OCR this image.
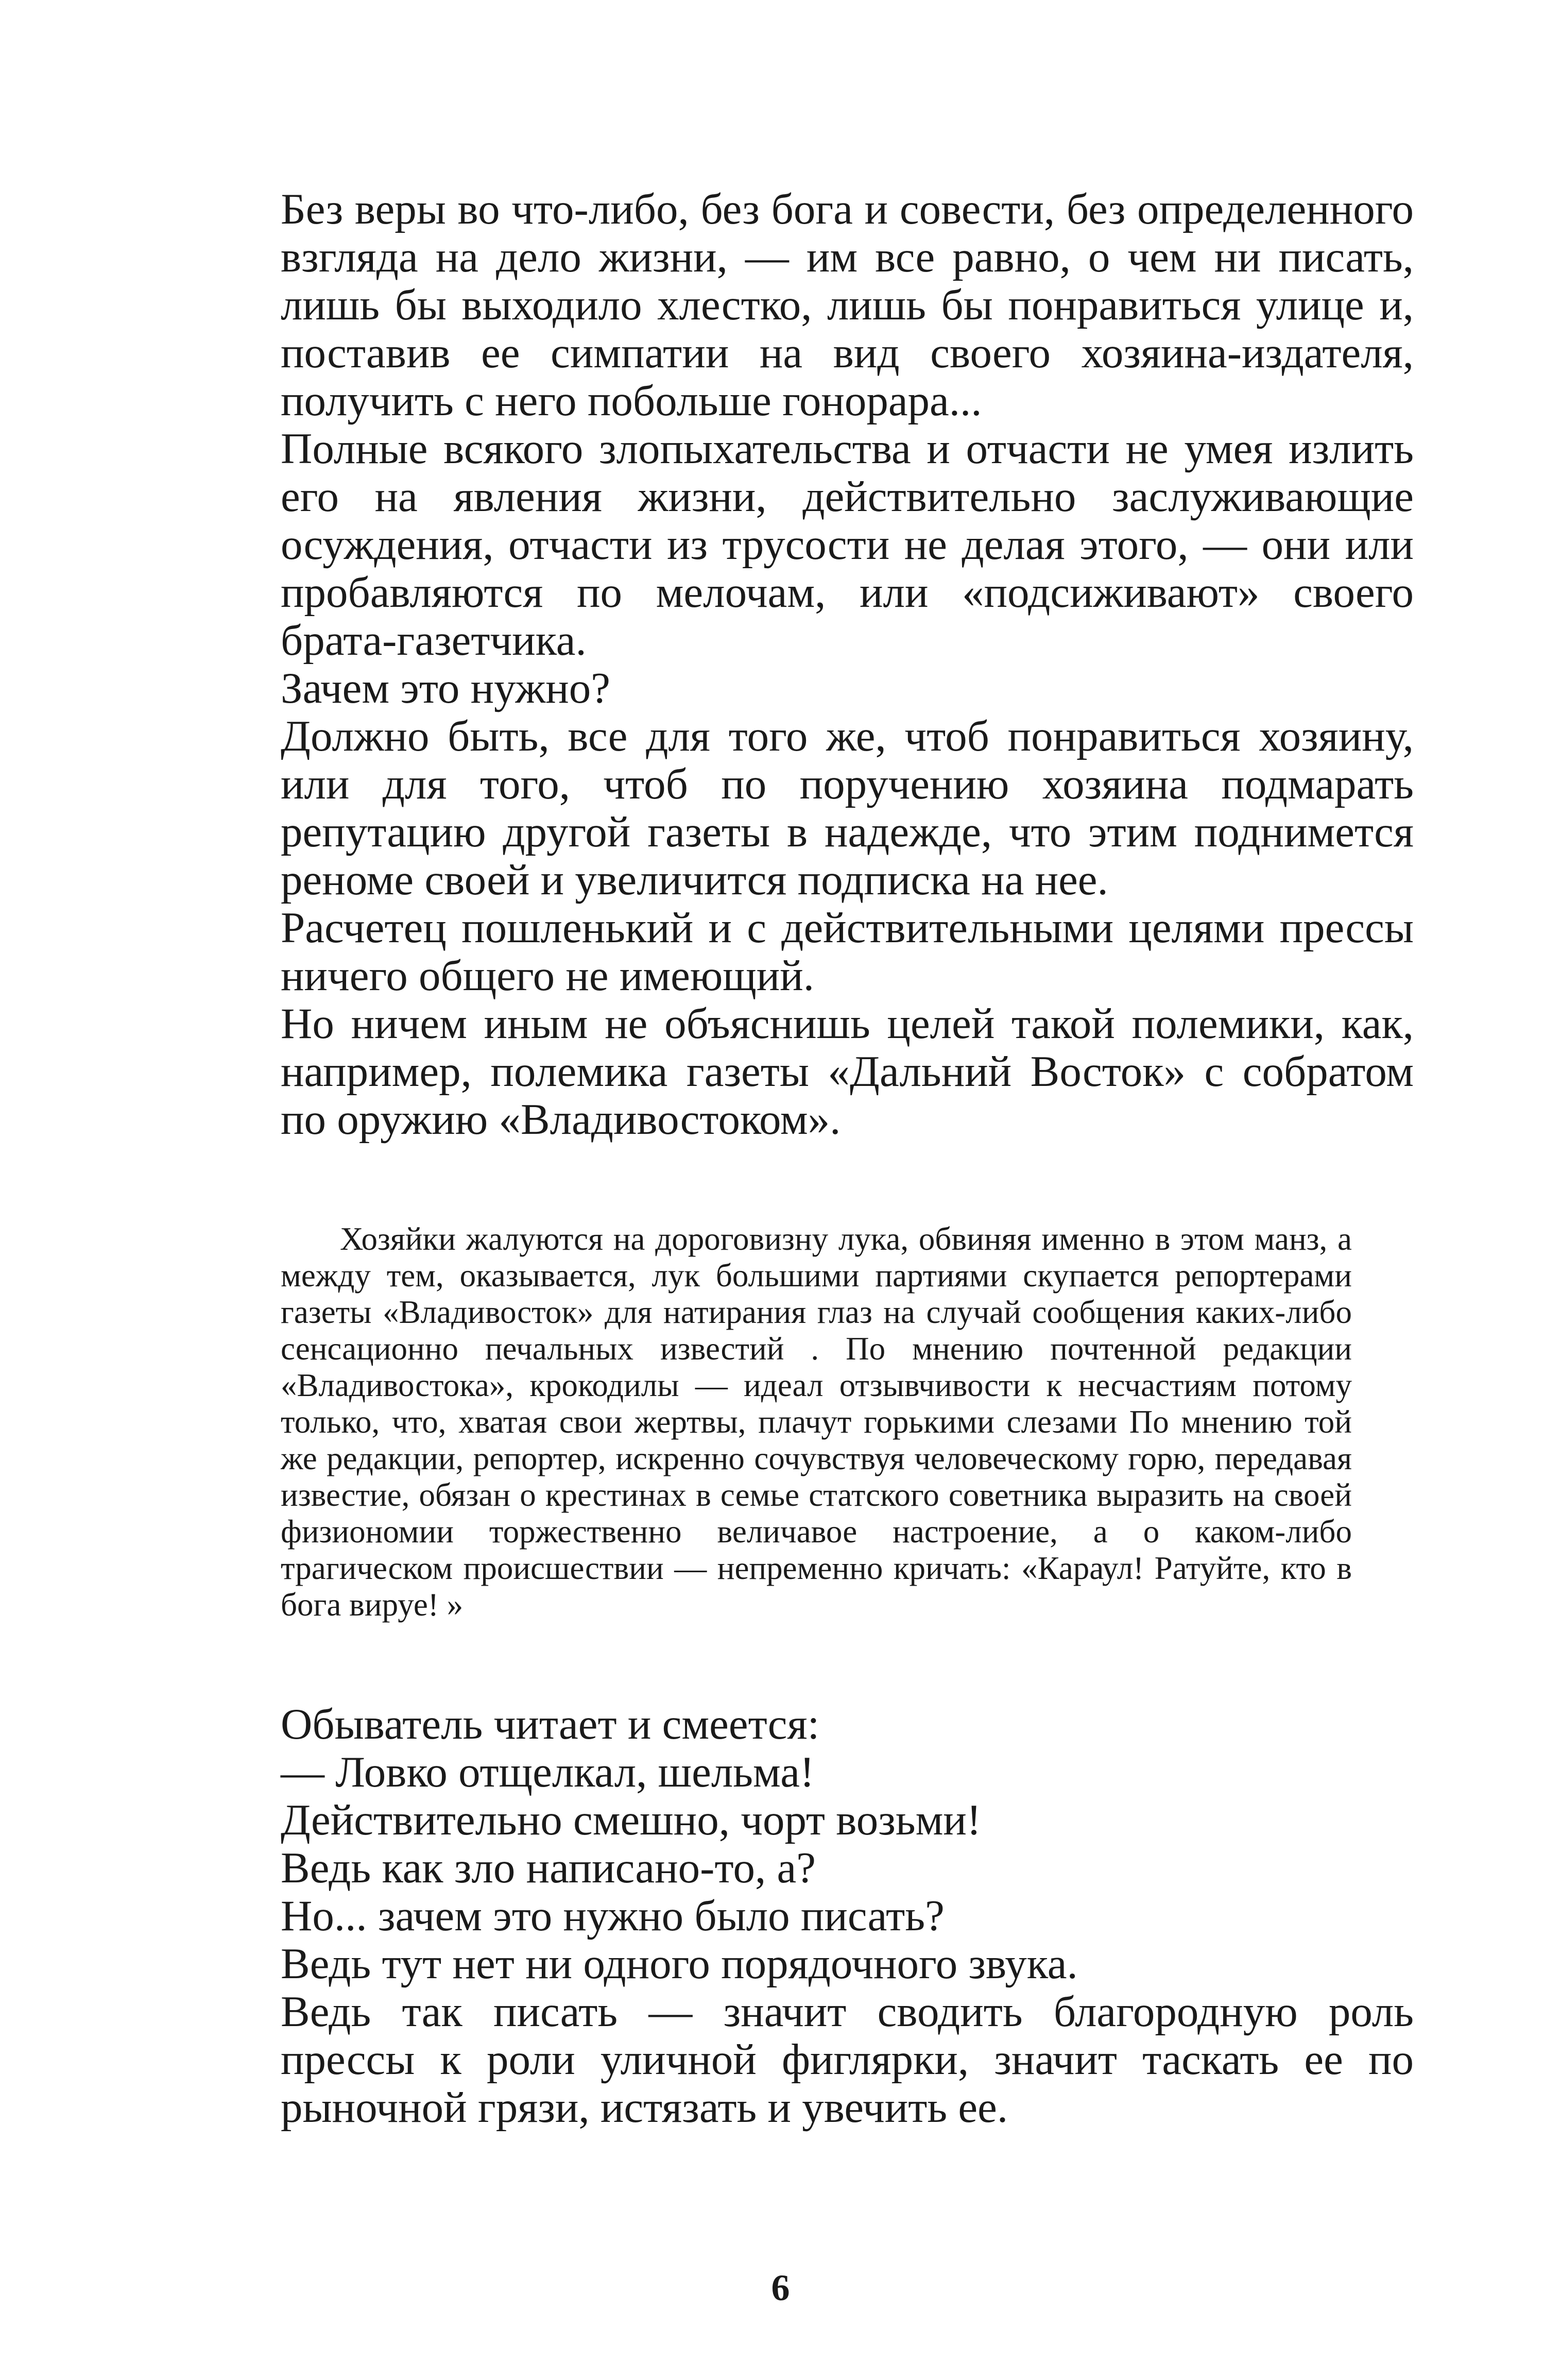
Без веры во что-либо, без бога и совести, без определенного взгляда на дело жизни, — им все равно, о чем ни писать, лишь бы выходило хлестко, лишь бы понравиться улице и, поставив ее симпатии на вид своего хозяина-издателя, получить с него побольше гонорара...

Полные всякого злопыхательства и отчасти не умея излить его на явления жизни, действительно заслуживающие осуждения, отчасти из трусости не делая этого, — они или пробавляются по мелочам, или «подсиживают» своего брата-газетчика.

Зачем это нужно?

Должно быть, все для того же, чтоб понравиться хозяину, или для того, чтоб по поручению хозяина подмарать репутацию другой газеты в надежде, что этим поднимется реноме своей и увеличится подписка на нее.

Расчетец пошленький и с действительными целями прессы ничего общего не имеющий.

Но ничем иным не объяснишь целей такой полемики, как, например, полемика газеты «Дальний Восток» с собратом по оружию «Владивостоком».

Хозяйки жалуются на дороговизну лука, обвиняя именно в этом манз, а между тем, оказывается, лук большими партиями скупается репортерами газеты «Владивосток» для натирания глаз на случай сообщения каких-либо сенсационно печальных известий . По мнению почтенной редакции «Владивостока», крокодилы — идеал отзывчивости к несчастиям потому только, что, хватая свои жертвы, плачут горькими слезами По мнению той же редакции, репортер, искренно сочувствуя человеческому горю, передавая известие, обязан о крестинах в семье статского советника выразить на своей физиономии торжественно величавое настроение, а о каком-либо трагическом происшествии — непременно кричать: «Караул! Ратуйте, кто в бога вируе! »

Обыватель читает и смеется:

— Ловко отщелкал, шельма!

Действительно смешно, чорт возьми!

Ведь как зло написано-то, а?

Но... зачем это нужно было писать?

Ведь тут нет ни одного порядочного звука.

Ведь так писать — значит сводить благородную роль прессы к роли уличной фиглярки, значит таскать ее по рыночной грязи, истязать и увечить ее.

6
